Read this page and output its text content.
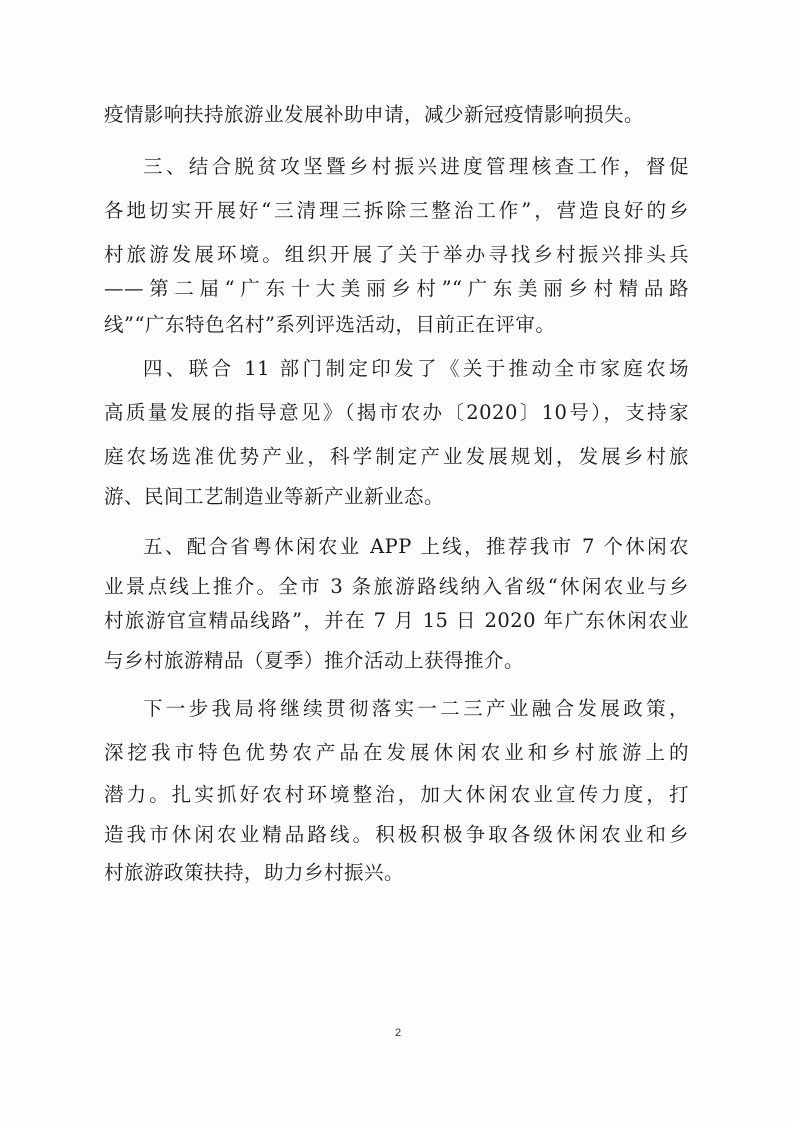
疫情影响扶持旅游业发展补助申请，减少新冠疫情影响损失。
三、结合脱贫攻坚暨乡村振兴进度管理核查工作，督促
各地切实开展好“三清理三拆除三整治工作”，营造良好的乡
村旅游发展环境。组织开展了关于举办寻找乡村振兴排头兵
——第二届“广东十大美丽乡村”“广东美丽乡村精品路
线”“广东特色名村”系列评选活动，目前正在评审。
四、联合 11 部门制定印发了《关于推动全市家庭农场
高质量发展的指导意见》（揭市农办〔2020〕10号），支持家
庭农场选准优势产业，科学制定产业发展规划，发展乡村旅
游、民间工艺制造业等新产业新业态。
五、配合省粤休闲农业 APP 上线，推荐我市 7 个休闲农
业景点线上推介。全市 3 条旅游路线纳入省级“休闲农业与乡
村旅游官宣精品线路”，并在 7 月 15 日 2020 年广东休闲农业
与乡村旅游精品（夏季）推介活动上获得推介。
下一步我局将继续贯彻落实一二三产业融合发展政策，
深挖我市特色优势农产品在发展休闲农业和乡村旅游上的
潜力。扎实抓好农村环境整治，加大休闲农业宣传力度，打
造我市休闲农业精品路线。积极积极争取各级休闲农业和乡
村旅游政策扶持，助力乡村振兴。
2
